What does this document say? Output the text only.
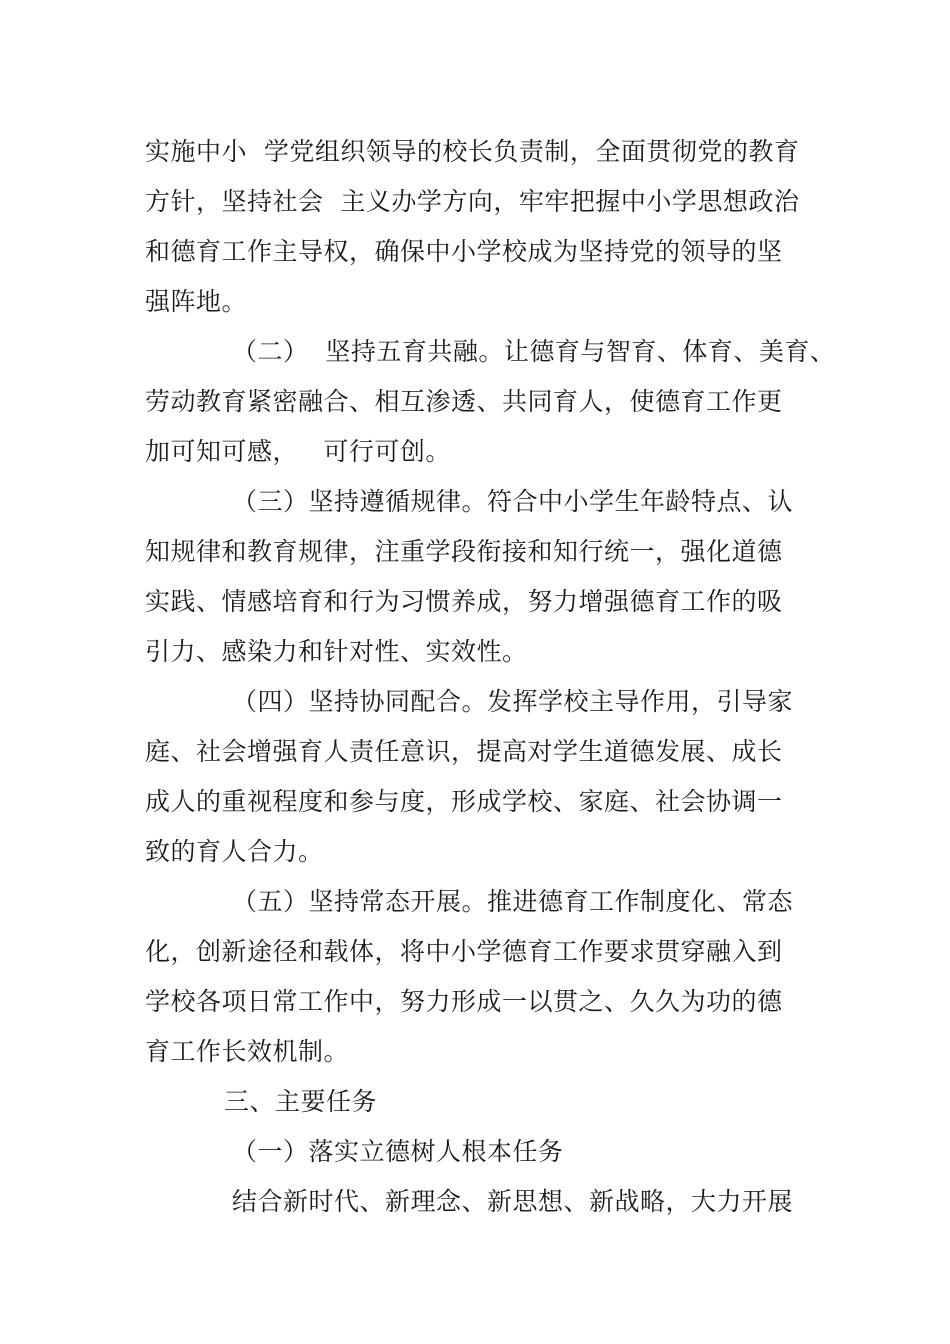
实施中小  学党组织领导的校长负责制，全面贯彻党的教育
方针，坚持社会  主义办学方向，牢牢把握中小学思想政治
和德育工作主导权，确保中小学校成为坚持党的领导的坚
强阵地。
（二）  坚持五育共融。让德育与智育、体育、美育、
劳动教育紧密融合、相互渗透、共同育人，使德育工作更
加可知可感，   可行可创。
（三）坚持遵循规律。符合中小学生年龄特点、认
知规律和教育规律，注重学段衔接和知行统一，强化道德
实践、情感培育和行为习惯养成，努力增强德育工作的吸
引力、感染力和针对性、实效性。
（四）坚持协同配合。发挥学校主导作用，引导家
庭、社会增强育人责任意识，提高对学生道德发展、成长
成人的重视程度和参与度，形成学校、家庭、社会协调一
致的育人合力。
（五）坚持常态开展。推进德育工作制度化、常态
化，创新途径和载体，将中小学德育工作要求贯穿融入到
学校各项日常工作中，努力形成一以贯之、久久为功的德
育工作长效机制。
三、主要任务
（一）落实立德树人根本任务
结合新时代、新理念、新思想、新战略，大力开展
